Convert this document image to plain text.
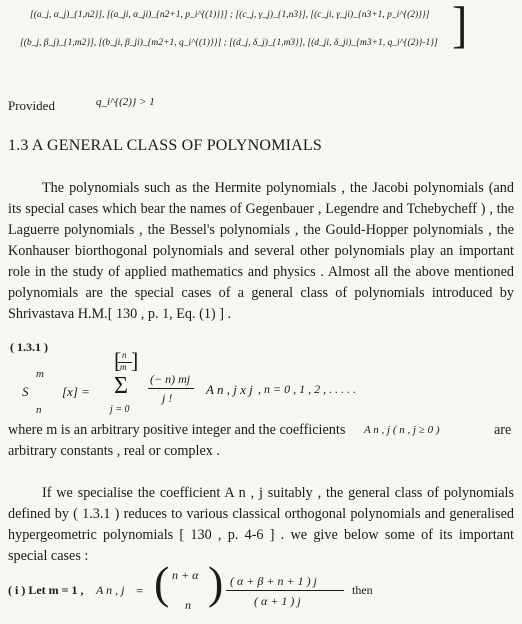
[(a_j, α_j)_{1,n2}], [(a_ji, α_ji)_{n2+1, p_i^{(1)}}] ; [(c_j, γ_j)_{1,n3}], [(c_ji, γ_ji)_{n3+1, p_i^{(2)}}]
[(b_j, β_j)_{1,m2}], [(b_ji, β_ji)_{m2+1, q_i^{(1)}}] ; [(d_j, δ_j)_{1,m3}], [(d_ji, δ_ji)_{m3+1, q_i^{(2)}-1}] ]
Provided	q_i^{(2)} > 1
1.3 A GENERAL CLASS OF POLYNOMIALS
The polynomials such as the Hermite polynomials , the Jacobi polynomials (and its special cases which bear the names of Gegenbauer , Legendre and Tchebycheff ) , the Laguerre polynomials , the Bessel's polynomials , the Gould-Hopper polynomials , the Konhauser biorthogonal polynomials and several other polynomials play an important role in the study of applied mathematics and physics . Almost all the above mentioned polynomials are the special cases of a general class of polynomials introduced by Shrivastava H.M.[ 130 , p. 1, Eq. (1) ] .
( 1.3.1 )
m
S
n
[x] =
n
m
[ ]
Σ
j = 0
(− n) mj
j !
A n , j x j , n = 0 , 1 , 2 , . . . . .
where m is an arbitrary positive integer and the coefficients A n , j ( n , j ≥ 0 )	are
arbitrary constants , real or complex .
If we specialise the coefficient A n , j suitably , the general class of polynomials defined by ( 1.3.1 ) reduces to various classical orthogonal polynomials and generalised hypergeometric polynomials [ 130 , p. 4-6 ] . we give below some of its important special cases :
( i ) Let m = 1 , A n , j = ( n + α
n ) ( α + β + n + 1 ) j
( α + 1 ) j
then
